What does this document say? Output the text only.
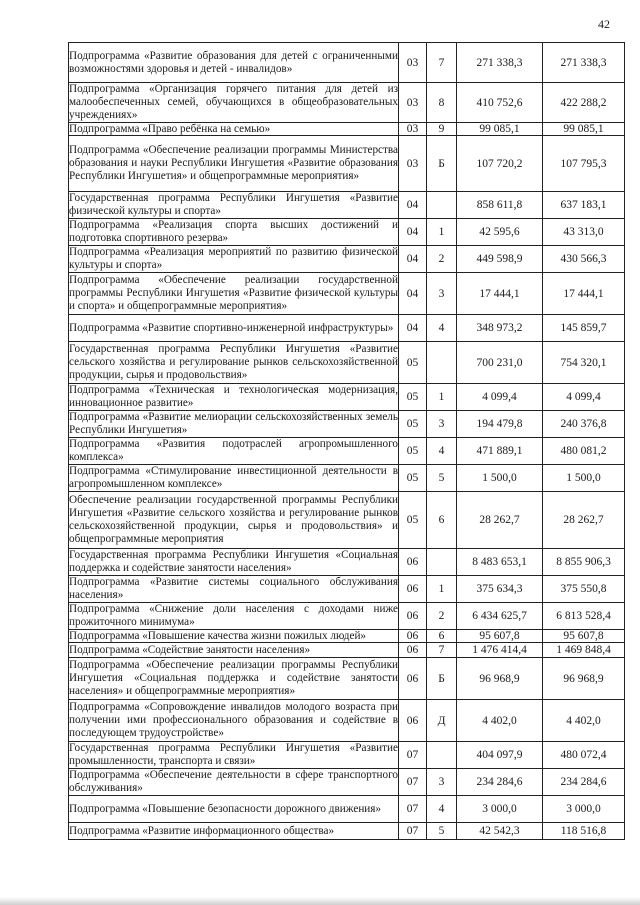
42
Подпрограмма «Развитие образования для детей с ограниченными возможностями здоровья и детей - инвалидов»	03	7	271 338,3	271 338,3

Подпрограмма «Организация горячего питания для детей из малообеспеченных семей, обучающихся в общеобразовательных учреждениях»	03	8	410 752,6	422 288,2

Подпрограмма «Право ребёнка на семью»	03	9	99 085,1	99 085,1

Подпрограмма «Обеспечение реализации программы Министерства образования и науки Республики Ингушетия «Развитие образования Республики Ингушетия» и общепрограммные мероприятия»	03	Б	107 720,2	107 795,3

Государственная программа Республики Ингушетия «Развитие физической культуры и спорта»	04		858 611,8	637 183,1

Подпрограмма «Реализация спорта высших достижений и подготовка спортивного резерва»	04	1	42 595,6	43 313,0

Подпрограмма «Реализация мероприятий по развитию физической культуры и спорта»	04	2	449 598,9	430 566,3

Подпрограмма «Обеспечение реализации государственной программы Республики Ингушетия «Развитие физической культуры и спорта» и общепрограммные мероприятия»	04	3	17 444,1	17 444,1

Подпрограмма «Развитие спортивно-инженерной инфраструктуры»	04	4	348 973,2	145 859,7

Государственная программа Республики Ингушетия «Развитие сельского хозяйства и регулирование рынков сельскохозяйственной продукции, сырья и продовольствия»	05		700 231,0	754 320,1

Подпрограмма «Техническая и технологическая модернизация, инновационное развитие»	05	1	4 099,4	4 099,4

Подпрограмма «Развитие мелиорации сельскохозяйственных земель Республики Ингушетия»	05	3	194 479,8	240 376,8

Подпрограмма «Развития подотраслей агропромышленного комплекса»	05	4	471 889,1	480 081,2

Подпрограмма «Стимулирование инвестиционной деятельности в агропромышленном комплексе»	05	5	1 500,0	1 500,0

Обеспечение реализации государственной программы Республики Ингушетия «Развитие сельского хозяйства и регулирование рынков сельскохозяйственной продукции, сырья и продовольствия» и общепрограммные мероприятия	05	6	28 262,7	28 262,7

Государственная программа Республики Ингушетия «Социальная поддержка и содействие занятости населения»	06		8 483 653,1	8 855 906,3

Подпрограмма «Развитие системы социального обслуживания населения»	06	1	375 634,3	375 550,8

Подпрограмма «Снижение доли населения с доходами ниже прожиточного минимума»	06	2	6 434 625,7	6 813 528,4

Подпрограмма «Повышение качества жизни пожилых людей»	06	6	95 607,8	95 607,8

Подпрограмма «Содействие занятости населения»	06	7	1 476 414,4	1 469 848,4

Подпрограмма «Обеспечение реализации программы Республики Ингушетия «Социальная поддержка и содействие занятости населения» и общепрограммные мероприятия»	06	Б	96 968,9	96 968,9

Подпрограмма «Сопровождение инвалидов молодого возраста при получении ими профессионального образования и содействие в последующем трудоустройстве»	06	Д	4 402,0	4 402,0

Государственная программа Республики Ингушетия «Развитие промышленности, транспорта и связи»	07		404 097,9	480 072,4

Подпрограмма «Обеспечение деятельности в сфере транспортного обслуживания»	07	3	234 284,6	234 284,6

Подпрограмма «Повышение безопасности дорожного движения»	07	4	3 000,0	3 000,0

Подпрограмма «Развитие информационного общества»	07	5	42 542,3	118 516,8
